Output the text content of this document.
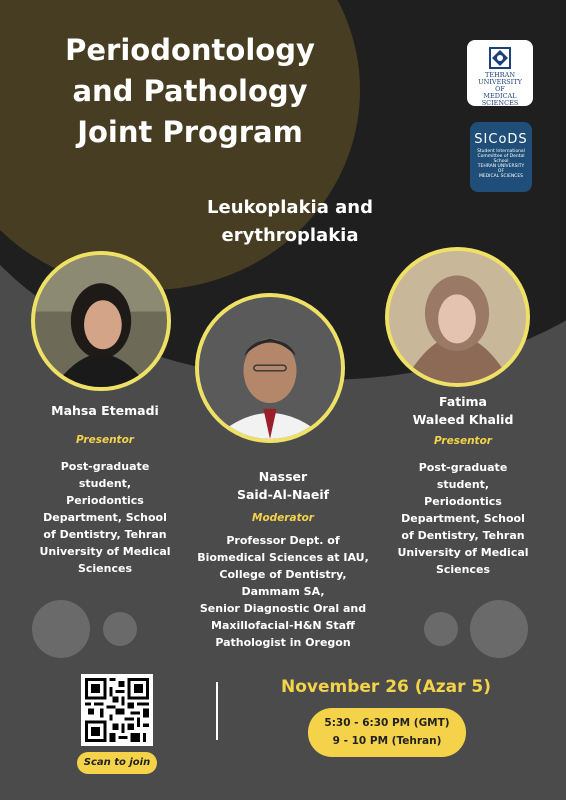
Periodontology
and Pathology
Joint Program
Leukoplakia and
erythroplakia
TEHRAN UNIVERSITY
OF
MEDICAL SCIENCES
SICoDS
Student International
Committee of Dental School
TEHRAN UNIVERSITY
OF
MEDICAL SCIENCES
Mahsa Etemadi
Presentor
Post-graduate
student,
Periodontics
Department, School
of Dentistry, Tehran
University of Medical
Sciences
Nasser
Said-Al-Naeif
Moderator
Professor Dept. of
Biomedical Sciences at IAU,
College of Dentistry,
Dammam SA,
Senior Diagnostic Oral and
Maxillofacial-H&N Staff
Pathologist in Oregon
Fatima
Waleed Khalid
Presentor
Post-graduate
student,
Periodontics
Department, School
of Dentistry, Tehran
University of Medical
Sciences
Scan to join
November 26 (Azar 5)
5:30 - 6:30 PM (GMT)
9 - 10 PM (Tehran)
